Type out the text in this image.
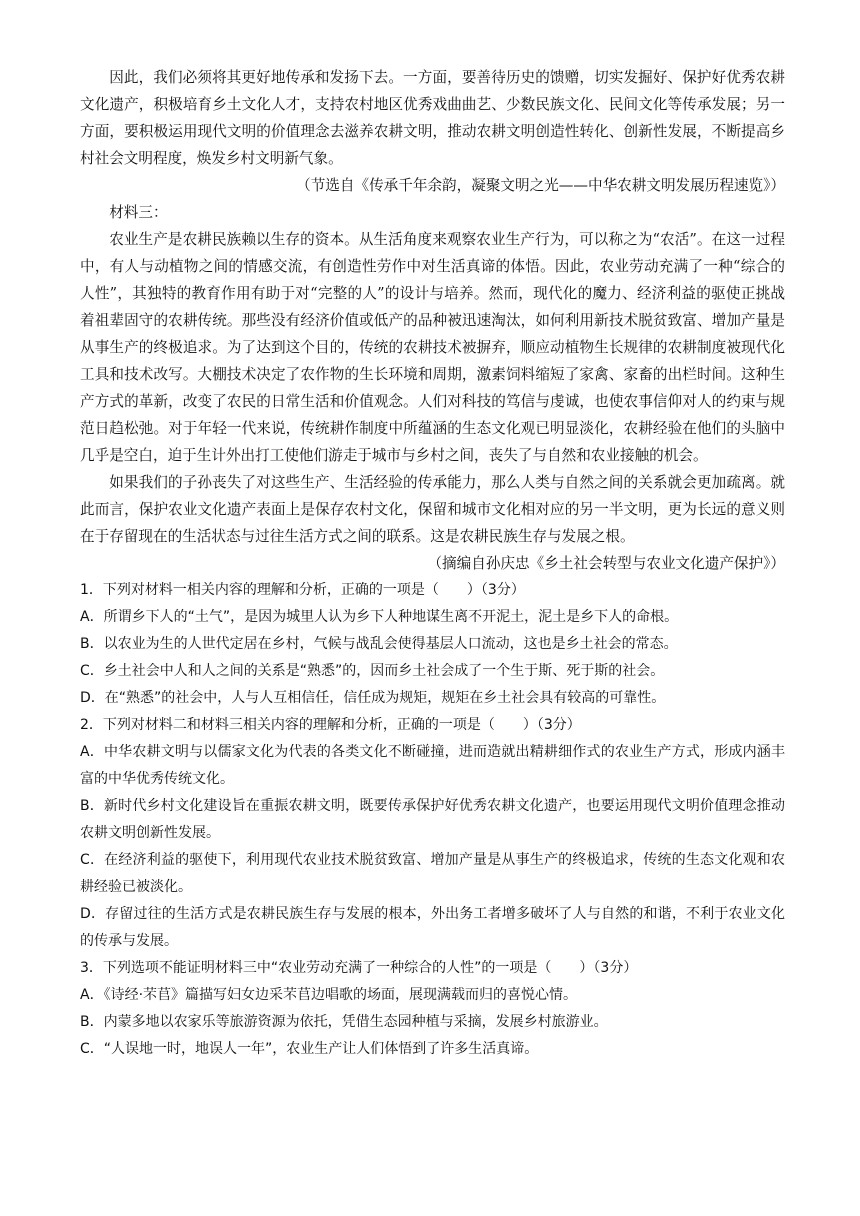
因此，我们必须将其更好地传承和发扬下去。一方面，要善待历史的馈赠，切实发掘好、保护好优秀农耕文化遗产，积极培育乡土文化人才，支持农村地区优秀戏曲曲艺、少数民族文化、民间文化等传承发展；另一方面，要积极运用现代文明的价值理念去滋养农耕文明，推动农耕文明创造性转化、创新性发展，不断提高乡村社会文明程度，焕发乡村文明新气象。

（节选自《传承千年余韵，凝聚文明之光——中华农耕文明发展历程速览》）

材料三：

农业生产是农耕民族赖以生存的资本。从生活角度来观察农业生产行为，可以称之为“农活”。在这一过程中，有人与动植物之间的情感交流，有创造性劳作中对生活真谛的体悟。因此，农业劳动充满了一种“综合的人性”，其独特的教育作用有助于对“完整的人”的设计与培养。然而，现代化的魔力、经济利益的驱使正挑战着祖辈固守的农耕传统。那些没有经济价值或低产的品种被迅速淘汰，如何利用新技术脱贫致富、增加产量是从事生产的终极追求。为了达到这个目的，传统的农耕技术被摒弃，顺应动植物生长规律的农耕制度被现代化工具和技术改写。大棚技术决定了农作物的生长环境和周期，激素饲料缩短了家禽、家畜的出栏时间。这种生产方式的革新，改变了农民的日常生活和价值观念。人们对科技的笃信与虔诚，也使农事信仰对人的约束与规范日趋松弛。对于年轻一代来说，传统耕作制度中所蕴涵的生态文化观已明显淡化，农耕经验在他们的头脑中几乎是空白，迫于生计外出打工使他们游走于城市与乡村之间，丧失了与自然和农业接触的机会。

如果我们的子孙丧失了对这些生产、生活经验的传承能力，那么人类与自然之间的关系就会更加疏离。就此而言，保护农业文化遗产表面上是保存农村文化，保留和城市文化相对应的另一半文明，更为长远的意义则在于存留现在的生活状态与过往生活方式之间的联系。这是农耕民族生存与发展之根。

（摘编自孙庆忠《乡土社会转型与农业文化遗产保护》）

1．下列对材料一相关内容的理解和分析，正确的一项是（　　）（3分）

A．所谓乡下人的“土气”，是因为城里人认为乡下人种地谋生离不开泥土，泥土是乡下人的命根。

B．以农业为生的人世代定居在乡村，气候与战乱会使得基层人口流动，这也是乡土社会的常态。

C．乡土社会中人和人之间的关系是“熟悉”的，因而乡土社会成了一个生于斯、死于斯的社会。

D．在“熟悉”的社会中，人与人互相信任，信任成为规矩，规矩在乡土社会具有较高的可靠性。

2．下列对材料二和材料三相关内容的理解和分析，正确的一项是（　　）（3分）

A．中华农耕文明与以儒家文化为代表的各类文化不断碰撞，进而造就出精耕细作式的农业生产方式，形成内涵丰富的中华优秀传统文化。

B．新时代乡村文化建设旨在重振农耕文明，既要传承保护好优秀农耕文化遗产，也要运用现代文明价值理念推动农耕文明创新性发展。

C．在经济利益的驱使下，利用现代农业技术脱贫致富、增加产量是从事生产的终极追求，传统的生态文化观和农耕经验已被淡化。

D．存留过往的生活方式是农耕民族生存与发展的根本，外出务工者增多破坏了人与自然的和谐，不利于农业文化的传承与发展。

3．下列选项不能证明材料三中“农业劳动充满了一种综合的人性”的一项是（　　）（3分）

A．《诗经·芣苢》篇描写妇女边采芣苢边唱歌的场面，展现满载而归的喜悦心情。

B．内蒙多地以农家乐等旅游资源为依托，凭借生态园种植与采摘，发展乡村旅游业。

C．“人误地一时，地误人一年”，农业生产让人们体悟到了许多生活真谛。
